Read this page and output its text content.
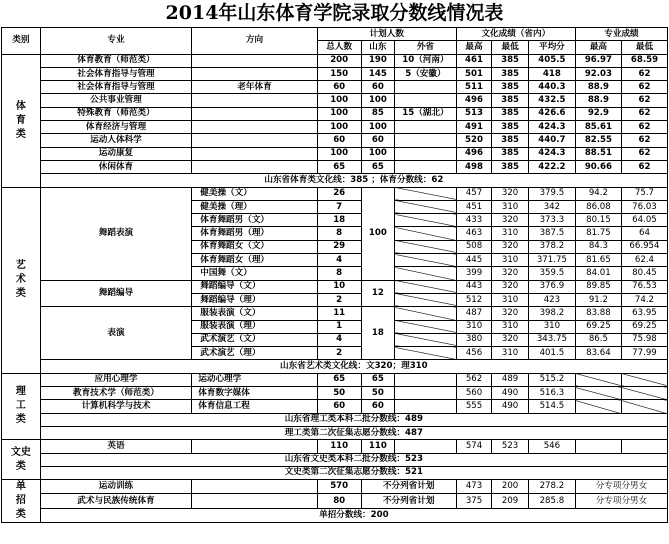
2014年山东体育学院录取分数线情况表
类别	专业	方向	计划人数			文化成绩（省内）			专业成绩	
			总人数	山东	外省	最高	最低	平均分	最高	最低
体育类	体育教育（师范类）		200	190	10（河南）	461	385	405.5	96.97	68.59
	社会体育指导与管理		150	145	5（安徽）	501	385	418	92.03	62
	社会体育指导与管理	老年体育	60	60		511	385	440.3	88.9	62
	公共事业管理		100	100		496	385	432.5	88.9	62
	特殊教育（师范类）		100	85	15（湖北）	513	385	426.6	92.9	62
	体育经济与管理		100	100		491	385	424.3	85.61	62
	运动人体科学		60	60		520	385	440.7	82.55	62
	运动康复		100	100		496	385	424.3	88.51	62
	休闲体育		65	65		498	385	422.2	90.66	62
	山东省体育类文化线：385 ；体育分数线：62									
艺术类	舞蹈表演	健美操（文）	26	100		457	320	379.5	94.2	75.7
		健美操（理）	7			451	310	342	86.08	76.03
		体育舞蹈男（文）	18			433	320	373.3	80.15	64.05
		体育舞蹈男（理）	8			463	310	387.5	81.75	64
		体育舞蹈女（文）	29			508	320	378.2	84.3	66.954
		体育舞蹈女（理）	4			445	310	371.75	81.65	62.4
		中国舞（文）	8			399	320	359.5	84.01	80.45
	舞蹈编导	舞蹈编导（文）	10	12		443	320	376.9	89.85	76.53
		舞蹈编导（理）	2			512	310	423	91.2	74.2
	表演	服装表演（文）	11	18		487	320	398.2	83.88	63.95
		服装表演（理）	1			310	310	310	69.25	69.25
		武术演艺（文）	4			380	320	343.75	86.5	75.98
		武术演艺（理）	2			456	310	401.5	83.64	77.99
	山东省艺术类文化线：文320；理310									
理工类	应用心理学	运动心理学	65	65		562	489	515.2		
	教育技术学（师范类）	体育数字媒体	50	50		560	490	516.3		
	计算机科学与技术	体育信息工程	60	60		555	490	514.5		
	山东省理工类本科二批分数线：489									
	理工类第二次征集志愿分数线：487									
文史类	英语		110	110		574	523	546		
	山东省文史类本科二批分数线：523									
	文史类第二次征集志愿分数线：521									
单招类	运动训练		570	不分列省计划		473	200	278.2	分专项分男女	
	武术与民族传统体育		80	不分列省计划		375	209	285.8	分专项分男女	
	单招分数线：200									
